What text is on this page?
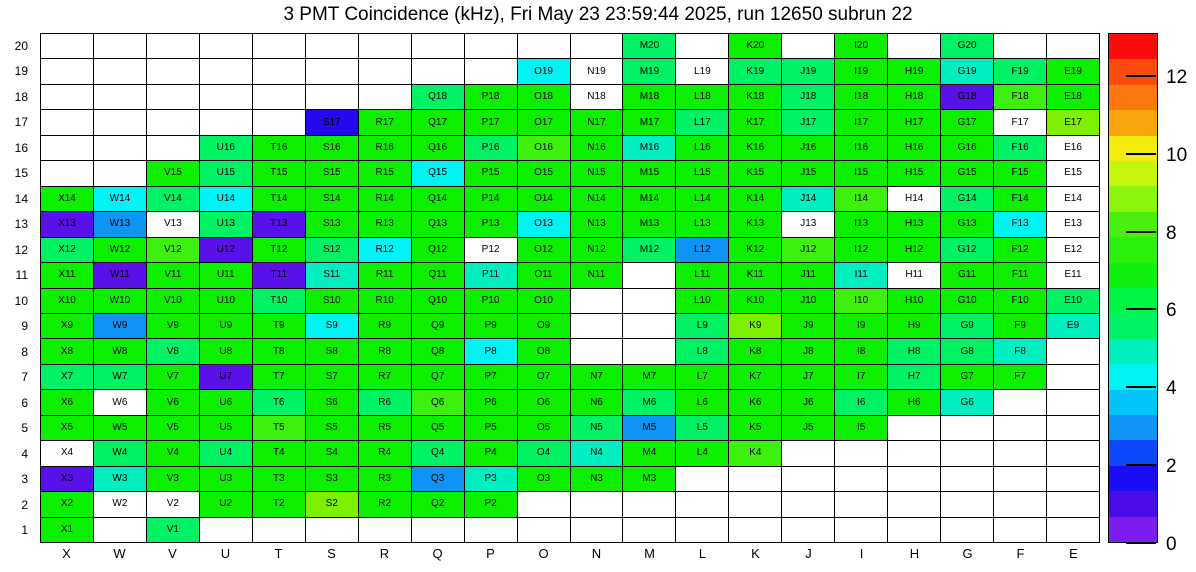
3 PMT Coincidence (kHz), Fri May 23 23:59:44 2025, run 12650 subrun 22
20
19
18
17
16
15
14
13
12
11
10
9
8
7
6
5
4
3
2
1
M20	K20	I20	G20
O19	N19	M19	L19	K19	J19	I19	H19	G19	F19	E19
Q18	P18	O18	N18	M18	L18	K18	J18	I18	H18	G18	F18	E18
S17	R17	Q17	P17	O17	N17	M17	L17	K17	J17	I17	H17	G17	F17	E17
U16	T16	S16	R16	Q16	P16	O16	N16	M16	L16	K16	J16	I16	H16	G16	F16	E16
V15	U15	T15	S15	R15	Q15	P15	O15	N15	M15	L15	K15	J15	I15	H15	G15	F15	E15
X14	W14	V14	U14	T14	S14	R14	Q14	P14	O14	N14	M14	L14	K14	J14	I14	H14	G14	F14	E14
X13	W13	V13	U13	T13	S13	R13	Q13	P13	O13	N13	M13	L13	K13	J13	I13	H13	G13	F13	E13
X12	W12	V12	U12	T12	S12	R12	Q12	P12	O12	N12	M12	L12	K12	J12	I12	H12	G12	F12	E12
X11	W11	V11	U11	T11	S11	R11	Q11	P11	O11	N11	L11	K11	J11	I11	H11	G11	F11	E11
X10	W10	V10	U10	T10	S10	R10	Q10	P10	O10	L10	K10	J10	I10	H10	G10	F10	E10
X9	W9	V9	U9	T9	S9	R9	Q9	P9	O9	L9	K9	J9	I9	H9	G9	F9	E9
X8	W8	V8	U8	T8	S8	R8	Q8	P8	O8	L8	K8	J8	I8	H8	G8	F8
X7	W7	V7	U7	T7	S7	R7	Q7	P7	O7	N7	M7	L7	K7	J7	I7	H7	G7	F7
X6	W6	V6	U6	T6	S6	R6	Q6	P6	O6	N6	M6	L6	K6	J6	I6	H6	G6
X5	W5	V5	U5	T5	S5	R5	Q5	P5	O5	N5	M5	L5	K5	J5	I5
X4	W4	V4	U4	T4	S4	R4	Q4	P4	O4	N4	M4	L4	K4
X3	W3	V3	U3	T3	S3	R3	Q3	P3	O3	N3	M3
X2	W2	V2	U2	T2	S2	R2	Q2	P2
X1	V1
X	W	V	U	T	S	R	Q	P	O	N	M	L	K	J	I	H	G	F	E	0
2
4
6
8
10
12
